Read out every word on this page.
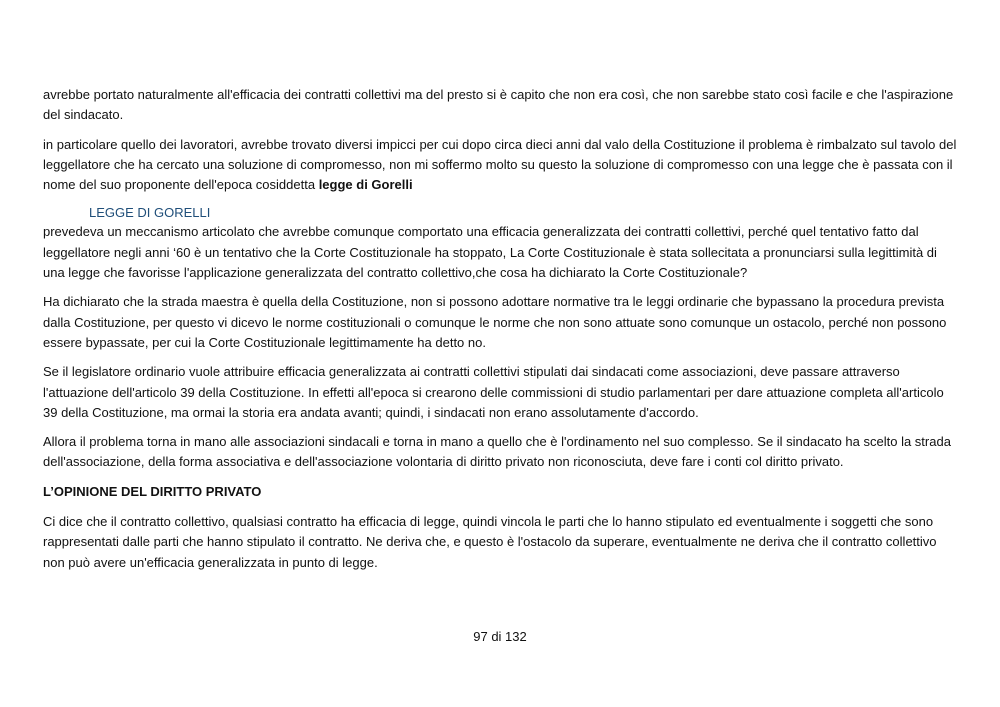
avrebbe portato naturalmente all'efficacia dei contratti collettivi ma del presto si è capito che non era così, che non sarebbe stato così facile e che l'aspirazione del sindacato.

in particolare quello dei lavoratori, avrebbe trovato diversi impicci per cui dopo circa dieci anni dal valo della Costituzione il problema è rimbalzato sul tavolo del leggellatore che ha cercato una soluzione di compromesso, non mi soffermo molto su questo la soluzione di compromesso con una legge che è passata con il nome del suo proponente dell'epoca cosiddetta legge di Gorelli

LEGGE DI GORELLI

prevedeva un meccanismo articolato che avrebbe comunque comportato una efficacia generalizzata dei contratti collettivi, perché quel tentativo fatto dal leggellatore negli anni ‘60 è un tentativo che la Corte Costituzionale ha stoppato, La Corte Costituzionale è stata sollecitata a pronunciarsi sulla legittimità di una legge che favorisse l'applicazione generalizzata del contratto collettivo,che cosa ha dichiarato la Corte Costituzionale?

Ha dichiarato che la strada maestra è quella della Costituzione, non si possono adottare normative tra le leggi ordinarie che bypassano la procedura prevista dalla Costituzione, per questo vi dicevo le norme costituzionali o comunque le norme che non sono attuate sono comunque un ostacolo, perché non possono essere bypassate, per cui la Corte Costituzionale legittimamente ha detto no.

Se il legislatore ordinario vuole attribuire efficacia generalizzata ai contratti collettivi stipulati dai sindacati come associazioni, deve passare attraverso l'attuazione dell'articolo 39 della Costituzione. In effetti all'epoca si crearono delle commissioni di studio parlamentari per dare attuazione completa all'articolo 39 della Costituzione, ma ormai la storia era andata avanti; quindi, i sindacati non erano assolutamente d'accordo.

Allora il problema torna in mano alle associazioni sindacali e torna in mano a quello che è l'ordinamento nel suo complesso. Se il sindacato ha scelto la strada dell'associazione, della forma associativa e dell'associazione volontaria di diritto privato non riconosciuta, deve fare i conti col diritto privato.

L’OPINIONE DEL DIRITTO PRIVATO

Ci dice che il contratto collettivo, qualsiasi contratto ha efficacia di legge, quindi vincola le parti che lo hanno stipulato ed eventualmente i soggetti che sono rappresentati dalle parti che hanno stipulato il contratto. Ne deriva che, e questo è l'ostacolo da superare, eventualmente ne deriva che il contratto collettivo non può avere un'efficacia generalizzata in punto di legge.

97 di 132
